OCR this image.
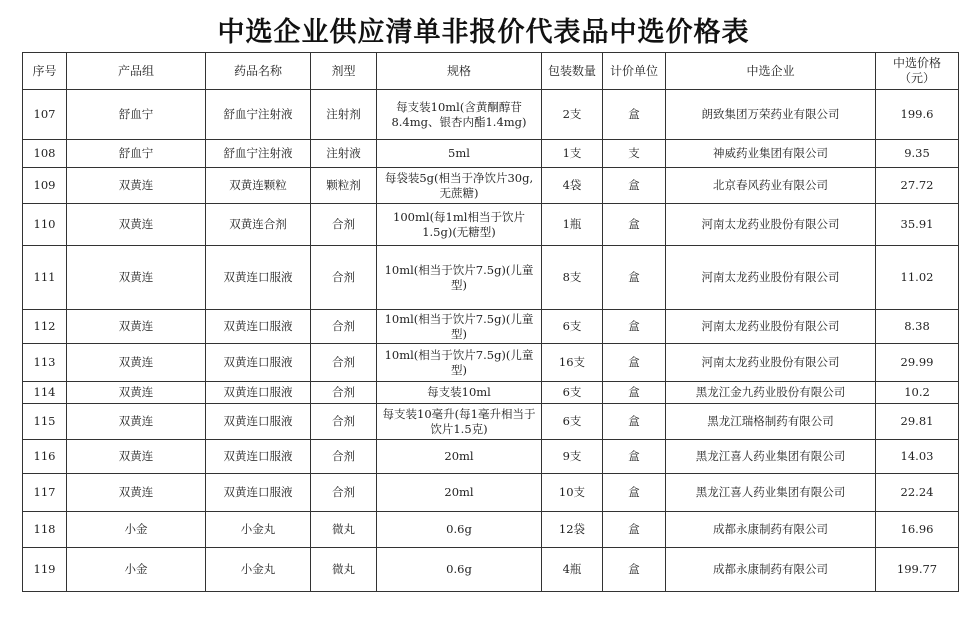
中选企业供应清单非报价代表品中选价格表
序号	产品组	药品名称	剂型	规格	包装数量	计价单位	中选企业	中选价格（元）
107	舒血宁	舒血宁注射液	注射剂	每支装10ml(含黄酮醇苷8.4mg、银杏内酯1.4mg)	2支	盒	朗致集团万荣药业有限公司	199.6
108	舒血宁	舒血宁注射液	注射液	5ml	1支	支	神威药业集团有限公司	9.35
109	双黄连	双黄连颗粒	颗粒剂	每袋装5g(相当于净饮片30g,无蔗糖)	4袋	盒	北京春风药业有限公司	27.72
110	双黄连	双黄连合剂	合剂	100ml(每1ml相当于饮片1.5g)(无糖型)	1瓶	盒	河南太龙药业股份有限公司	35.91
111	双黄连	双黄连口服液	合剂	10ml(相当于饮片7.5g)(儿童型)	8支	盒	河南太龙药业股份有限公司	11.02
112	双黄连	双黄连口服液	合剂	10ml(相当于饮片7.5g)(儿童型)	6支	盒	河南太龙药业股份有限公司	8.38
113	双黄连	双黄连口服液	合剂	10ml(相当于饮片7.5g)(儿童型)	16支	盒	河南太龙药业股份有限公司	29.99
114	双黄连	双黄连口服液	合剂	每支装10ml	6支	盒	黑龙江金九药业股份有限公司	10.2
115	双黄连	双黄连口服液	合剂	每支装10毫升(每1毫升相当于饮片1.5克)	6支	盒	黑龙江瑞格制药有限公司	29.81
116	双黄连	双黄连口服液	合剂	20ml	9支	盒	黑龙江喜人药业集团有限公司	14.03
117	双黄连	双黄连口服液	合剂	20ml	10支	盒	黑龙江喜人药业集团有限公司	22.24
118	小金	小金丸	微丸	0.6g	12袋	盒	成都永康制药有限公司	16.96
119	小金	小金丸	微丸	0.6g	4瓶	盒	成都永康制药有限公司	199.77
